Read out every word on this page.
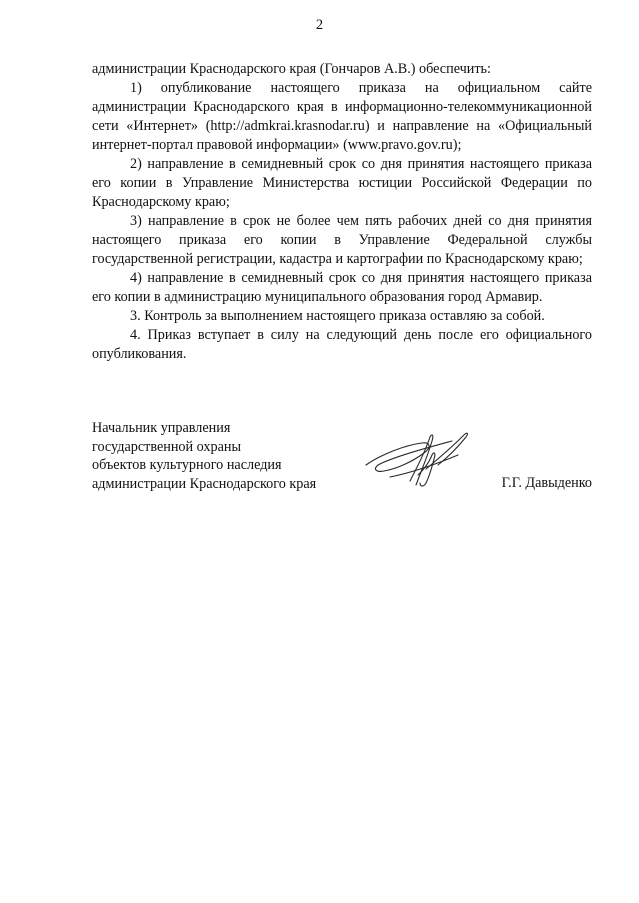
2

администрации Краснодарского края (Гончаров А.В.) обеспечить:

1) опубликование настоящего приказа на официальном сайте администрации Краснодарского края в информационно-телекоммуникационной сети «Интернет» (http://admkrai.krasnodar.ru) и направление на «Официальный интернет-портал правовой информации» (www.pravo.gov.ru);

2) направление в семидневный срок со дня принятия настоящего приказа его копии в Управление Министерства юстиции Российской Федерации по Краснодарскому краю;

3) направление в срок не более чем пять рабочих дней со дня принятия настоящего приказа его копии в Управление Федеральной службы государственной регистрации, кадастра и картографии по Краснодарскому краю;

4) направление в семидневный срок со дня принятия настоящего приказа его копии в администрацию муниципального образования город Армавир.

3. Контроль за выполнением настоящего приказа оставляю за собой.

4. Приказ вступает в силу на следующий день после его официального опубликования.

Начальник управления
государственной охраны
объектов культурного наследия
администрации Краснодарского края	Г.Г. Давыденко
